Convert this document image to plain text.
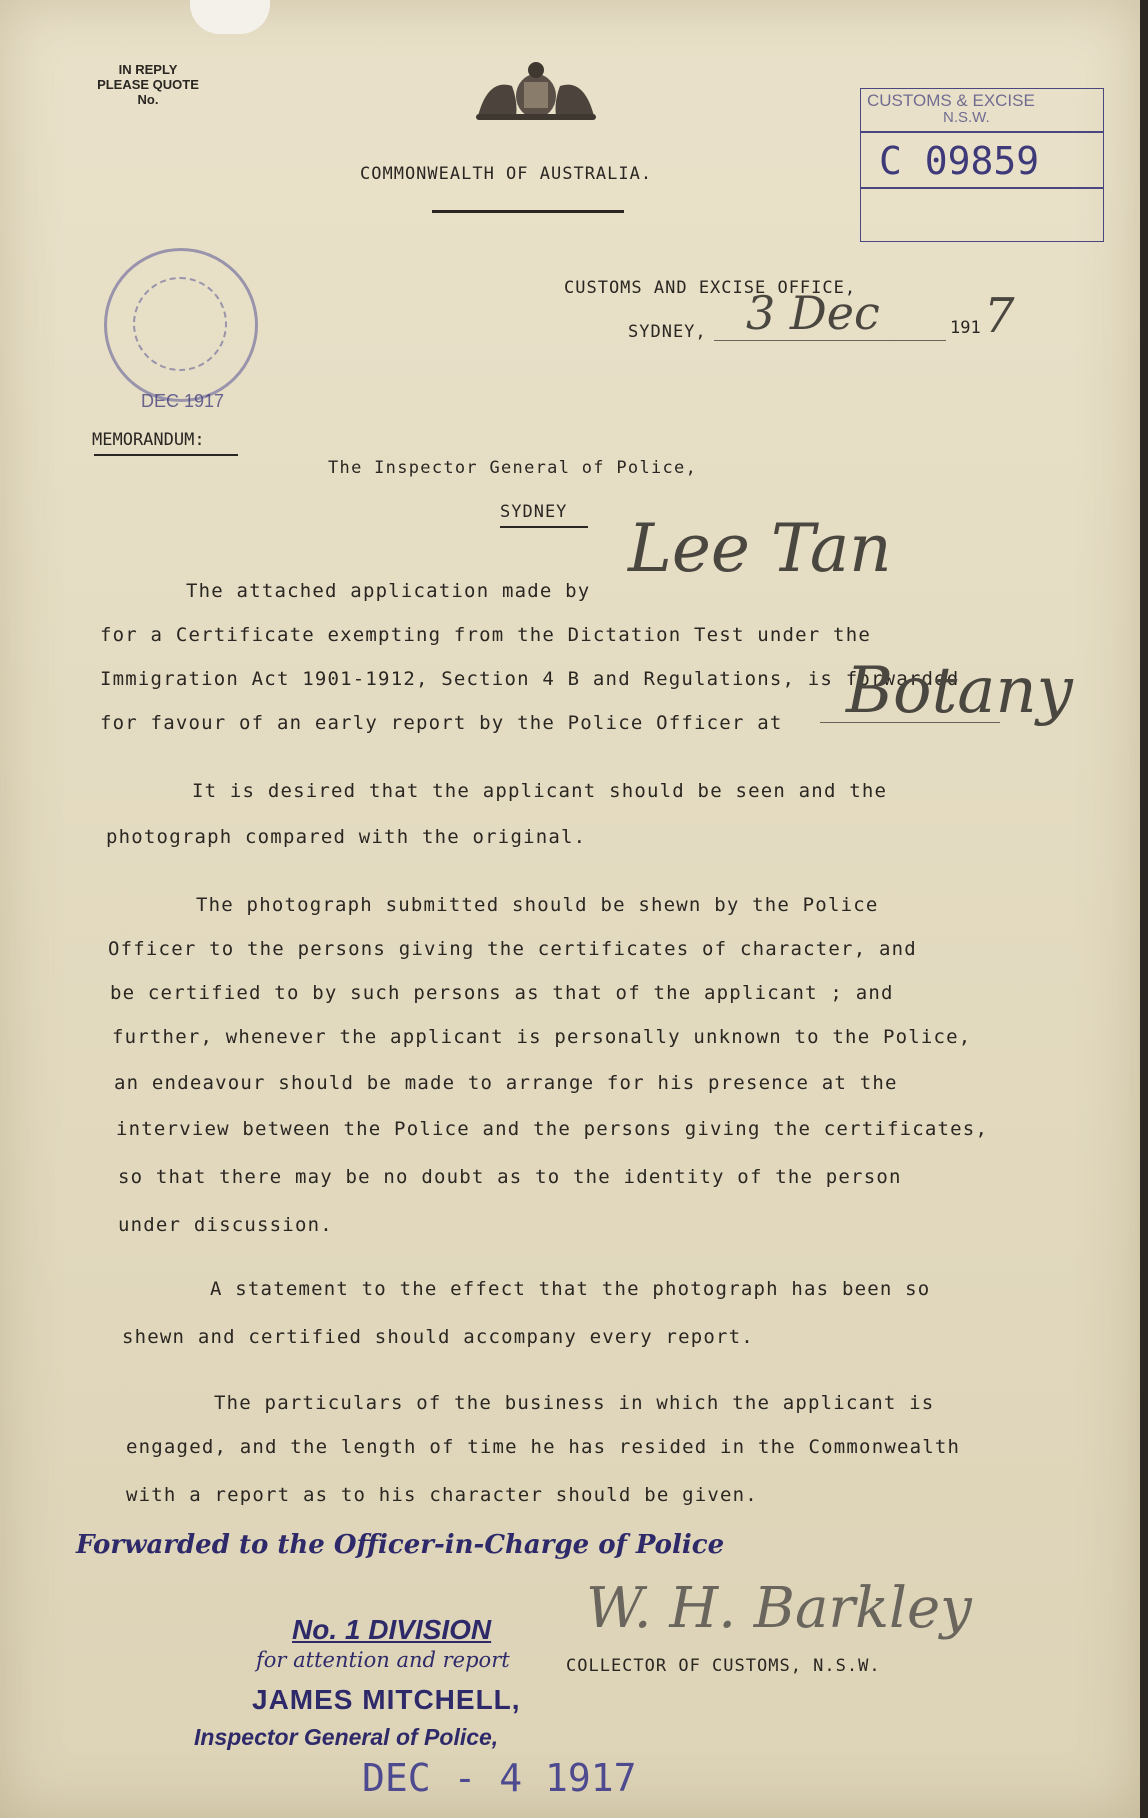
IN REPLY
PLEASE QUOTE
No.
COMMONWEALTH OF AUSTRALIA.
CUSTOMS & EXCISE
N.S.W.
C 09859
DEC 1917
CUSTOMS AND EXCISE OFFICE,
SYDNEY, 3 Dec	191 7
MEMORANDUM:
The Inspector General of Police,
SYDNEY
The attached application made by
Lee Tan
for a Certificate exempting from the Dictation Test under the
Immigration Act 1901-1912, Section 4 B and Regulations, is forwarded
for favour of an early report by the Police Officer at Botany
It is desired that the applicant should be seen and the
photograph compared with the original.
The photograph submitted should be shewn by the Police
Officer to the persons giving the certificates of character, and
be certified to by such persons as that of the applicant ; and
further, whenever the applicant is personally unknown to the Police,
an endeavour should be made to arrange for his presence at the
interview between the Police and the persons giving the certificates,
so that there may be no doubt as to the identity of the person
under discussion.
A statement to the effect that the photograph has been so
shewn and certified should accompany every report.
The particulars of the business in which the applicant is
engaged, and the length of time he has resided in the Commonwealth
with a report as to his character should be given.
Forwarded to the Officer-in-Charge of Police
No. 1 DIVISION
for attention and report
JAMES MITCHELL,
Inspector General of Police,
DEC - 4 1917
W. H. Barkley
COLLECTOR OF CUSTOMS, N.S.W.
